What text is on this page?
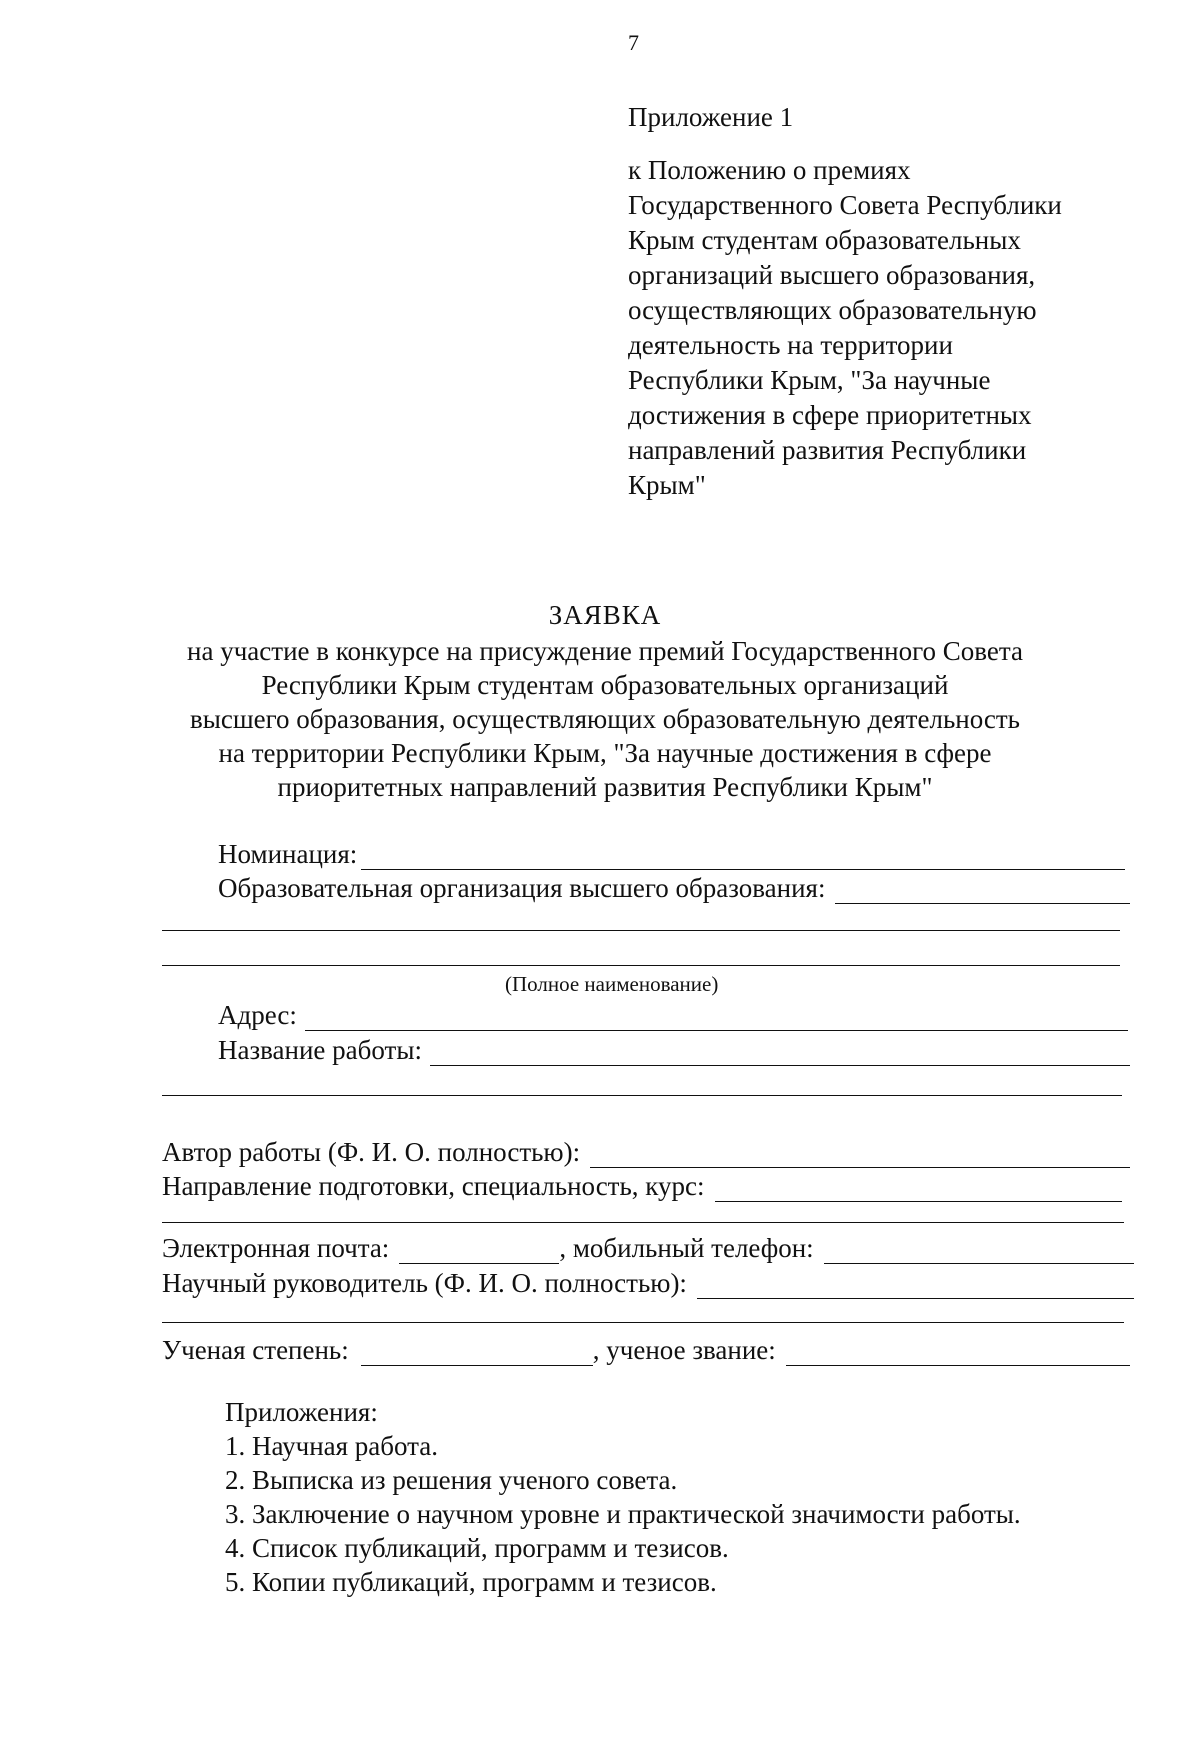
7
Приложение 1
к Положению о премиях
Государственного Совета Республики
Крым студентам образовательных
организаций высшего образования,
осуществляющих образовательную
деятельность на территории
Республики Крым, "За научные
достижения в сфере приоритетных
направлений развития Республики
Крым"
ЗАЯВКА
на участие в конкурсе на присуждение премий Государственного Совета
Республики Крым студентам образовательных организаций
высшего образования, осуществляющих образовательную деятельность
на территории Республики Крым, "За научные достижения в сфере
приоритетных направлений развития Республики Крым"
Номинация:
Образовательная организация высшего образования:
(Полное наименование)
Адрес:
Название работы:
Автор работы (Ф. И. О. полностью):
Направление подготовки, специальность, курс:
Электронная почта:	, мобильный телефон:
Научный руководитель (Ф. И. О. полностью):
Ученая степень:	, ученое звание:
Приложения:
1. Научная работа.
2. Выписка из решения ученого совета.
3. Заключение о научном уровне и практической значимости работы.
4. Список публикаций, программ и тезисов.
5. Копии публикаций, программ и тезисов.
